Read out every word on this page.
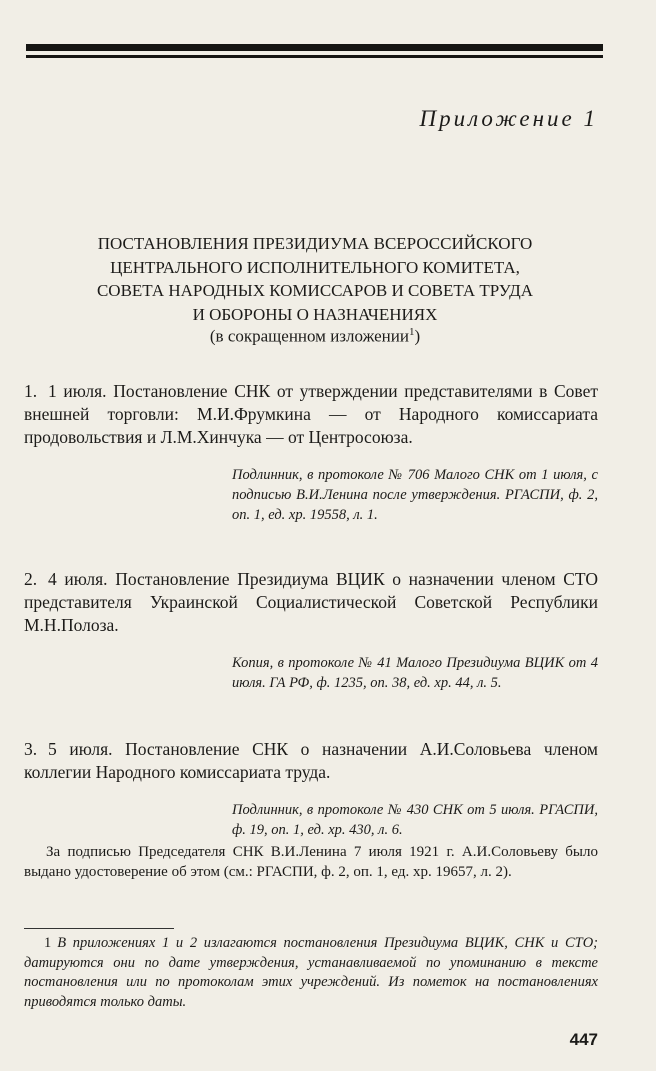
Приложение 1
ПОСТАНОВЛЕНИЯ ПРЕЗИДИУМА ВСЕРОССИЙСКОГО
ЦЕНТРАЛЬНОГО ИСПОЛНИТЕЛЬНОГО КОМИТЕТА,
СОВЕТА НАРОДНЫХ КОМИССАРОВ И СОВЕТА ТРУДА
И ОБОРОНЫ О НАЗНАЧЕНИЯХ
(в сокращенном изложении$^1$)
1. 1 июля. Постановление СНК от утверждении представителями в Совет внешней торговли: М.И.Фрумкина — от Народного комиссариата продовольствия и Л.М.Хинчука — от Центросоюза.
Подлинник, в протоколе № 706 Малого СНК от 1 июля, с подписью В.И.Ленина после утверждения. РГАСПИ, ф. 2, оп. 1, ед. хр. 19558, л. 1.
2. 4 июля. Постановление Президиума ВЦИК о назначении членом СТО представителя Украинской Социалистической Советской Республики М.Н.Полоза.
Копия, в протоколе № 41 Малого Президиума ВЦИК от 4 июля. ГА РФ, ф. 1235, оп. 38, ед. хр. 44, л. 5.
3. 5 июля. Постановление СНК о назначении А.И.Соловьева членом коллегии Народного комиссариата труда.
Подлинник, в протоколе № 430 СНК от 5 июля. РГАСПИ, ф. 19, оп. 1, ед. хр. 430, л. 6.
За подписью Председателя СНК В.И.Ленина 7 июля 1921 г. А.И.Соловьеву было выдано удостоверение об этом (см.: РГАСПИ, ф. 2, оп. 1, ед. хр. 19657, л. 2).
1 В приложениях 1 и 2 излагаются постановления Президиума ВЦИК, СНК и СТО; датируются они по дате утверждения, устанавливаемой по упоминанию в тексте постановления или по протоколам этих учреждений. Из пометок на постановлениях приводятся только даты.
447
